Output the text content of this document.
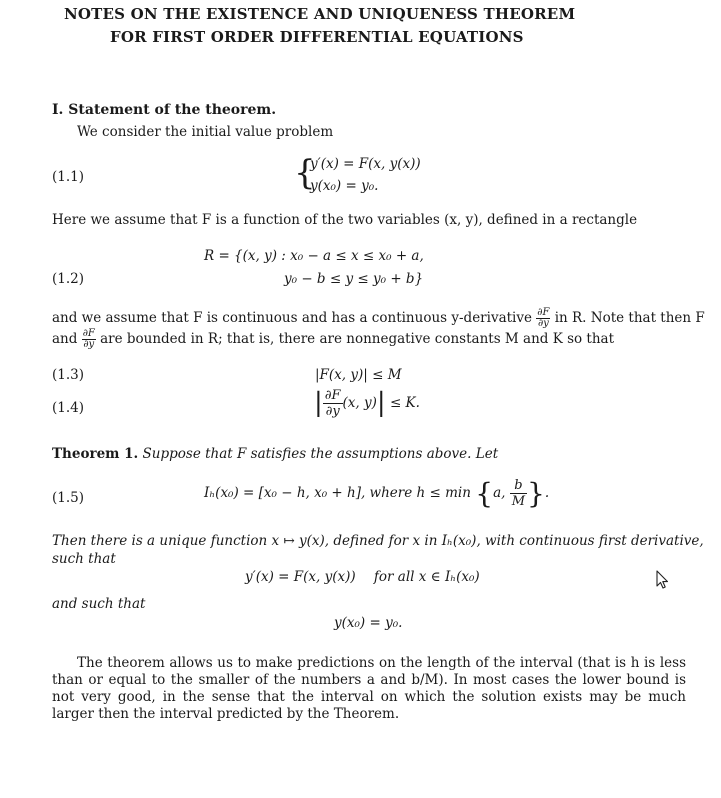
NOTES ON THE EXISTENCE AND UNIQUENESS THEOREM
FOR FIRST ORDER DIFFERENTIAL EQUATIONS
I. Statement of the theorem.
We consider the initial value problem
(1.1)	{
y′(x) = F(x, y(x))
y(x₀) = y₀.
Here we assume that F is a function of the two variables (x, y), defined in a rectangle
R = {(x, y) : x₀ − a ≤ x ≤ x₀ + a,
(1.2)	y₀ − b ≤ y ≤ y₀ + b}
and we assume that F is continuous and has a continuous y-derivative $\frac{\partial F}{\partial y}$ in R. Note that then F
and $\frac{\partial F}{\partial y}$ are bounded in R; that is, there are nonnegative constants M and K so that
(1.3)	|F(x, y)| ≤ M
(1.4)	| $\frac{\partial F}{\partial y} (x$, y)| ≤ K.
Theorem 1. Suppose that F satisfies the assumptions above. Let
(1.5)	Iₕ(x₀) = [x₀ − h, x₀ + h], where h ≤ min {a, $\frac{b}{M}$ }.
Then there is a unique function x ↦ y(x), defined for x in Iₕ(x₀), with continuous first derivative,
such that
y′(x) = F(x, y(x)) for all x ∈ Iₕ(x₀)
and such that
y(x₀) = y₀.
The theorem allows us to make predictions on the length of the interval (that is h is less than or equal to the smaller of the numbers a and b/M). In most cases the lower bound is not very good, in the sense that the interval on which the solution exists may be much larger then the interval predicted by the Theorem.
